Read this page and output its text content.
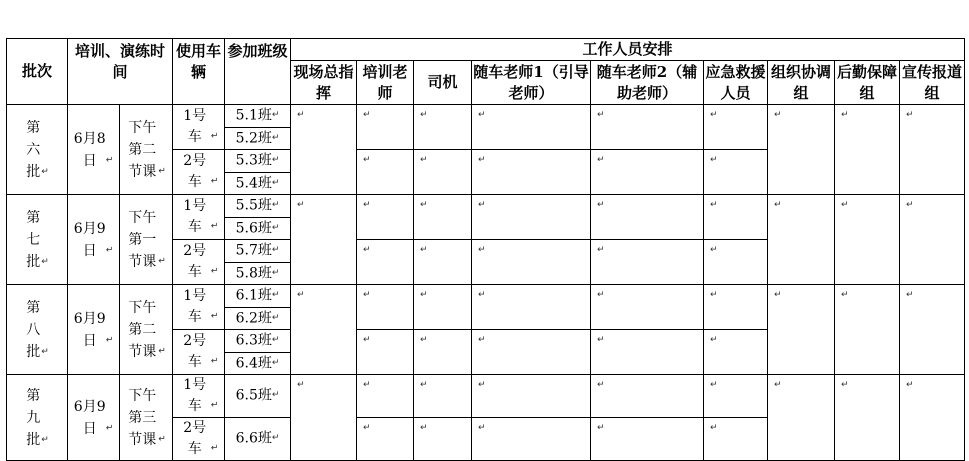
批次	培训、演练时间		使用车辆	参加班级	工作人员安排								
					现场总指挥	培训老师	司机	随车老师1（引导老师）	随车老师2（辅助老师）	应急救援人员	组织协调组	后勤保障组	宣传报道组
第六批↵	6月8日 ↵	下午第二节课 ↵	1号车 ↵	5.1班↵	↵	↵	↵	↵	↵	↵	↵	↵	↵

				5.2班↵									
			2号车 ↵	5.3班↵		↵	↵	↵	↵	↵			

				5.4班↵									
第七批↵	6月9日 ↵	下午第一节课 ↵	1号车 ↵	5.5班↵	↵	↵	↵	↵	↵	↵	↵	↵	↵

				5.6班↵									
			2号车 ↵	5.7班↵		↵	↵	↵	↵	↵			

				5.8班↵									
第八批↵	6月9日 ↵	下午第二节课 ↵	1号车 ↵	6.1班↵	↵	↵	↵	↵	↵	↵	↵	↵	↵

				6.2班↵									
			2号车 ↵	6.3班↵		↵	↵	↵	↵	↵			

				6.4班↵									
第九批↵	6月9日 ↵	下午第三节课 ↵	1号车 ↵	6.5班↵	↵	↵	↵	↵	↵	↵	↵	↵	↵

			2号车 ↵	6.6班↵		↵	↵	↵	↵	↵			
